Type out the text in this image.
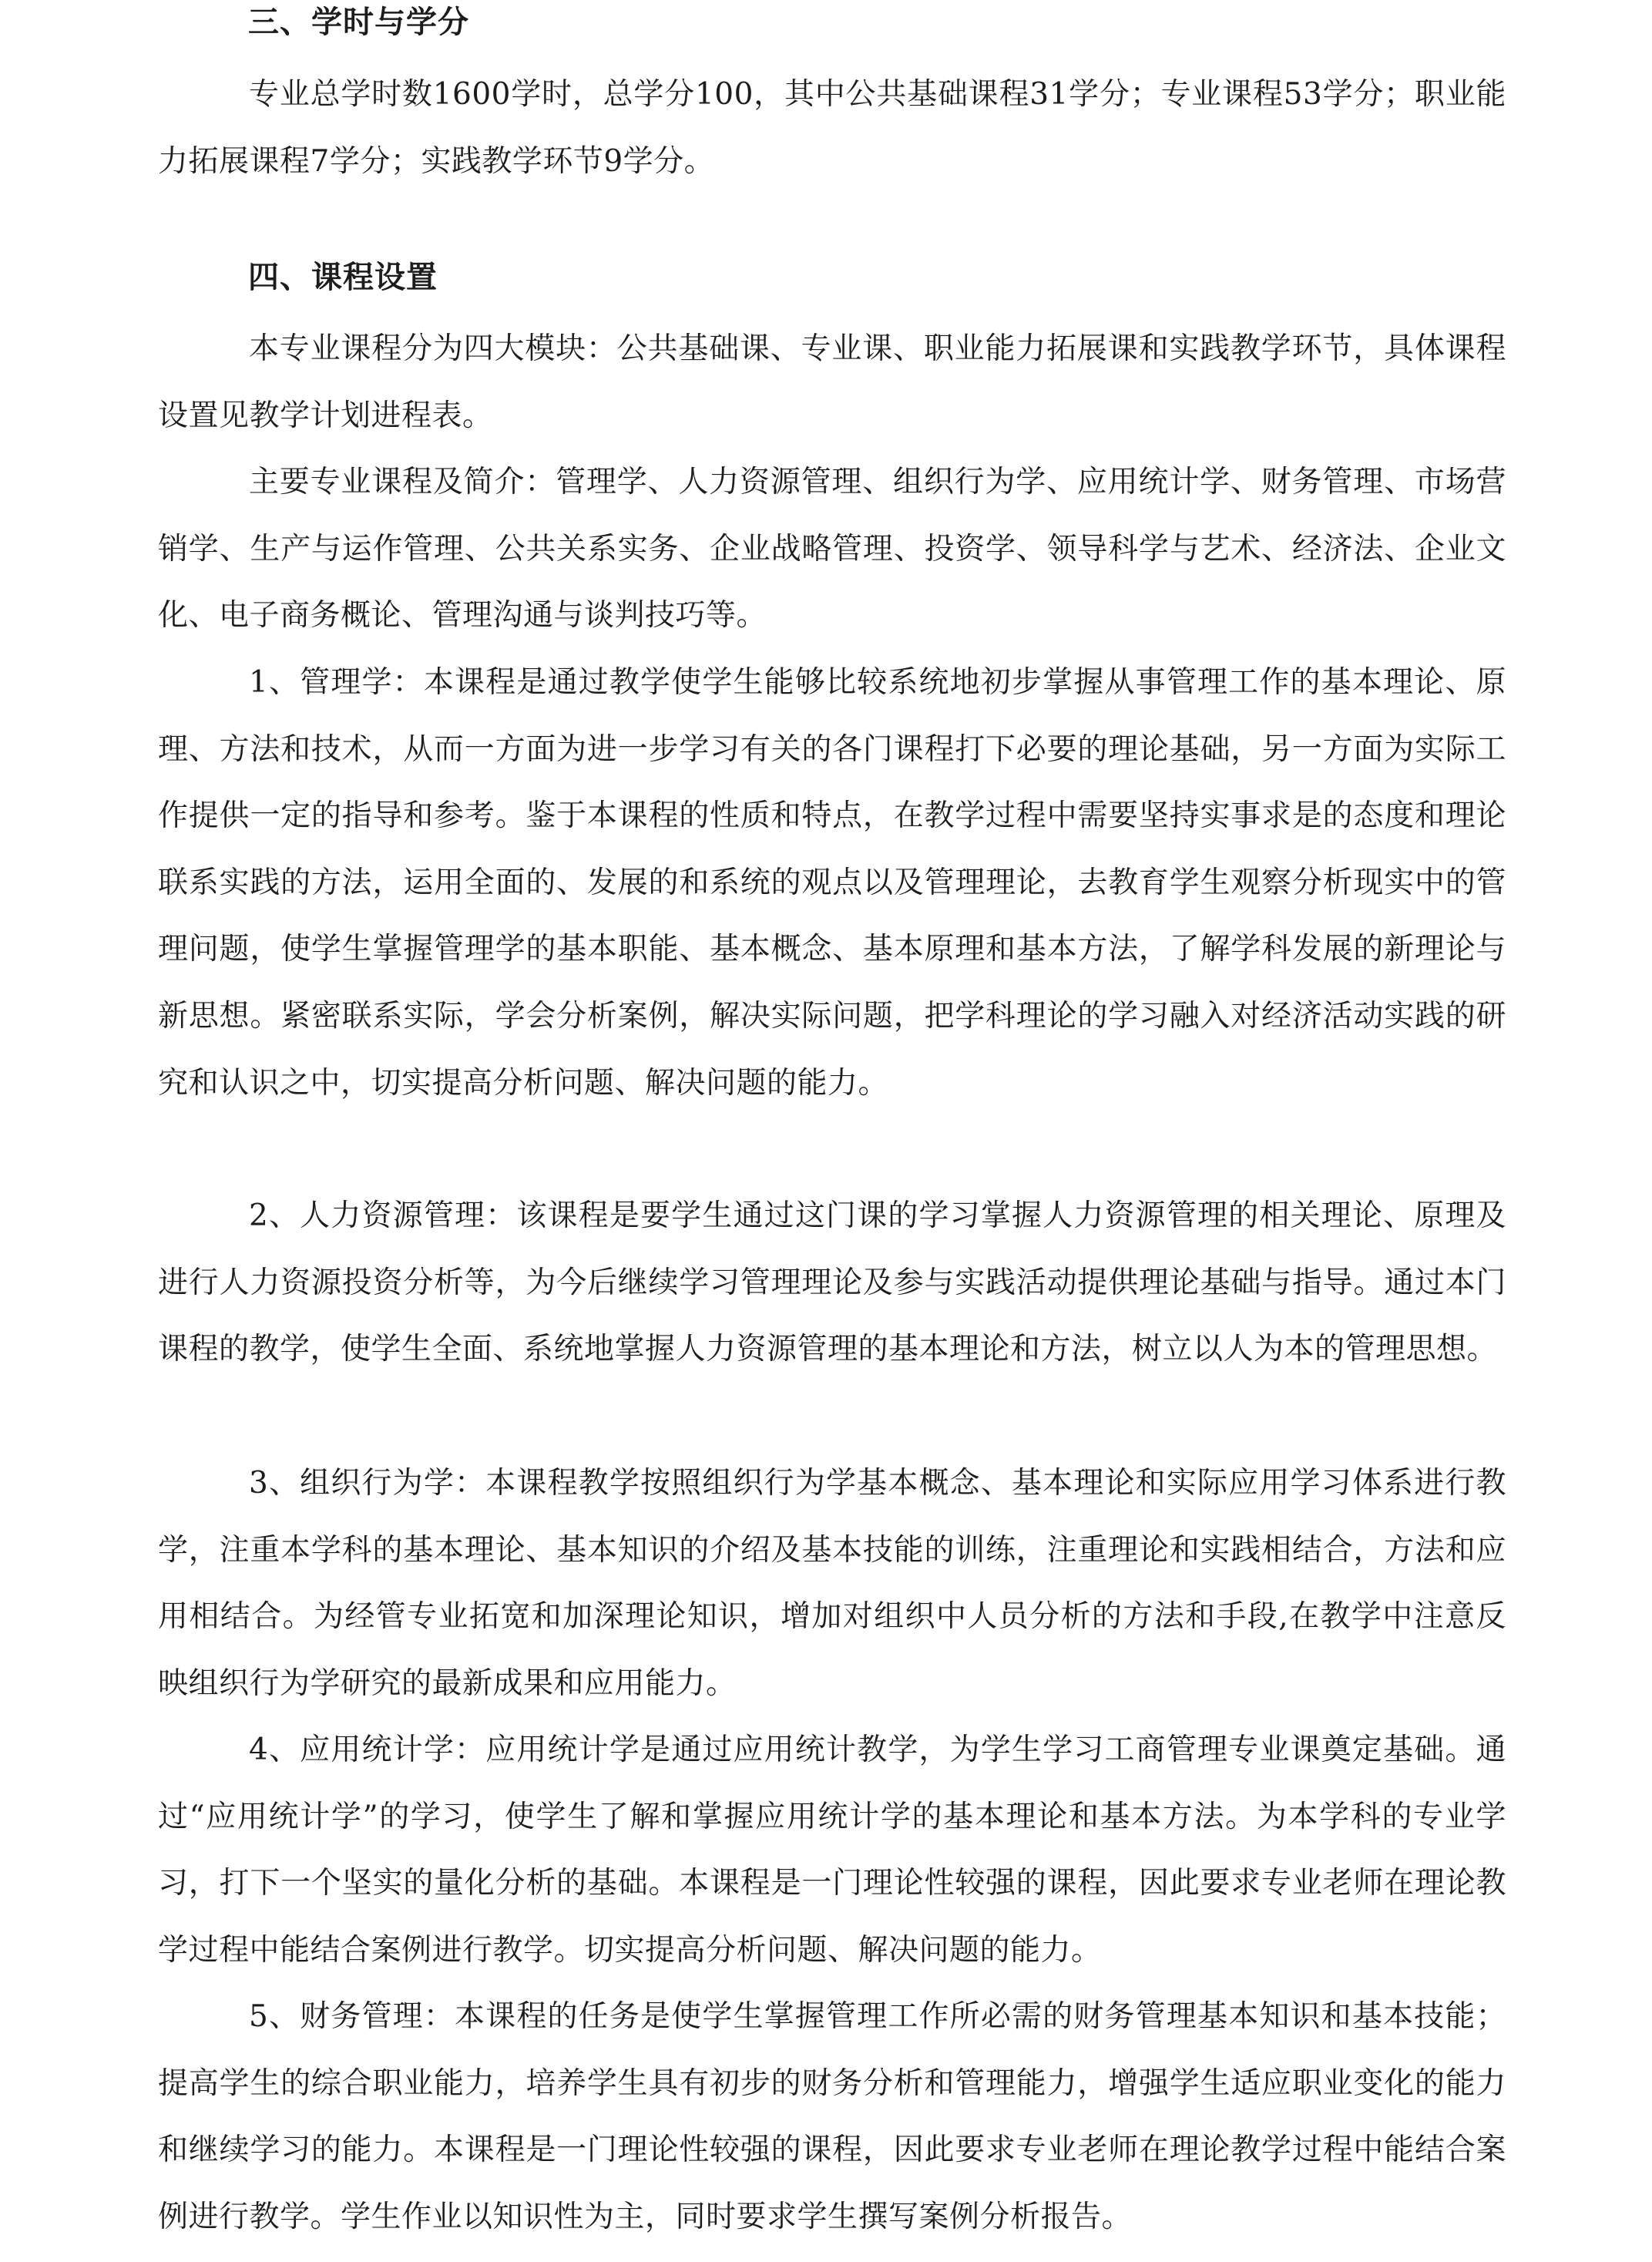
三、学时与学分

专业总学时数1600学时，总学分100，其中公共基础课程31学分；专业课程53学分；职业能力拓展课程7学分；实践教学环节9学分。

四、课程设置

本专业课程分为四大模块：公共基础课、专业课、职业能力拓展课和实践教学环节，具体课程设置见教学计划进程表。

主要专业课程及简介：管理学、人力资源管理、组织行为学、应用统计学、财务管理、市场营销学、生产与运作管理、公共关系实务、企业战略管理、投资学、领导科学与艺术、经济法、企业文化、电子商务概论、管理沟通与谈判技巧等。

1、管理学：本课程是通过教学使学生能够比较系统地初步掌握从事管理工作的基本理论、原理、方法和技术，从而一方面为进一步学习有关的各门课程打下必要的理论基础，另一方面为实际工作提供一定的指导和参考。鉴于本课程的性质和特点，在教学过程中需要坚持实事求是的态度和理论联系实践的方法，运用全面的、发展的和系统的观点以及管理理论，去教育学生观察分析现实中的管理问题，使学生掌握管理学的基本职能、基本概念、基本原理和基本方法，了解学科发展的新理论与新思想。紧密联系实际，学会分析案例，解决实际问题，把学科理论的学习融入对经济活动实践的研究和认识之中，切实提高分析问题、解决问题的能力。

2、人力资源管理：该课程是要学生通过这门课的学习掌握人力资源管理的相关理论、原理及进行人力资源投资分析等，为今后继续学习管理理论及参与实践活动提供理论基础与指导。通过本门课程的教学，使学生全面、系统地掌握人力资源管理的基本理论和方法，树立以人为本的管理思想。

3、组织行为学：本课程教学按照组织行为学基本概念、基本理论和实际应用学习体系进行教学，注重本学科的基本理论、基本知识的介绍及基本技能的训练，注重理论和实践相结合，方法和应用相结合。为经管专业拓宽和加深理论知识，增加对组织中人员分析的方法和手段,在教学中注意反映组织行为学研究的最新成果和应用能力。

4、应用统计学：应用统计学是通过应用统计教学，为学生学习工商管理专业课奠定基础。通过“应用统计学”的学习，使学生了解和掌握应用统计学的基本理论和基本方法。为本学科的专业学习，打下一个坚实的量化分析的基础。本课程是一门理论性较强的课程，因此要求专业老师在理论教学过程中能结合案例进行教学。切实提高分析问题、解决问题的能力。

5、财务管理：本课程的任务是使学生掌握管理工作所必需的财务管理基本知识和基本技能；提高学生的综合职业能力，培养学生具有初步的财务分析和管理能力，增强学生适应职业变化的能力和继续学习的能力。本课程是一门理论性较强的课程，因此要求专业老师在理论教学过程中能结合案例进行教学。学生作业以知识性为主，同时要求学生撰写案例分析报告。
